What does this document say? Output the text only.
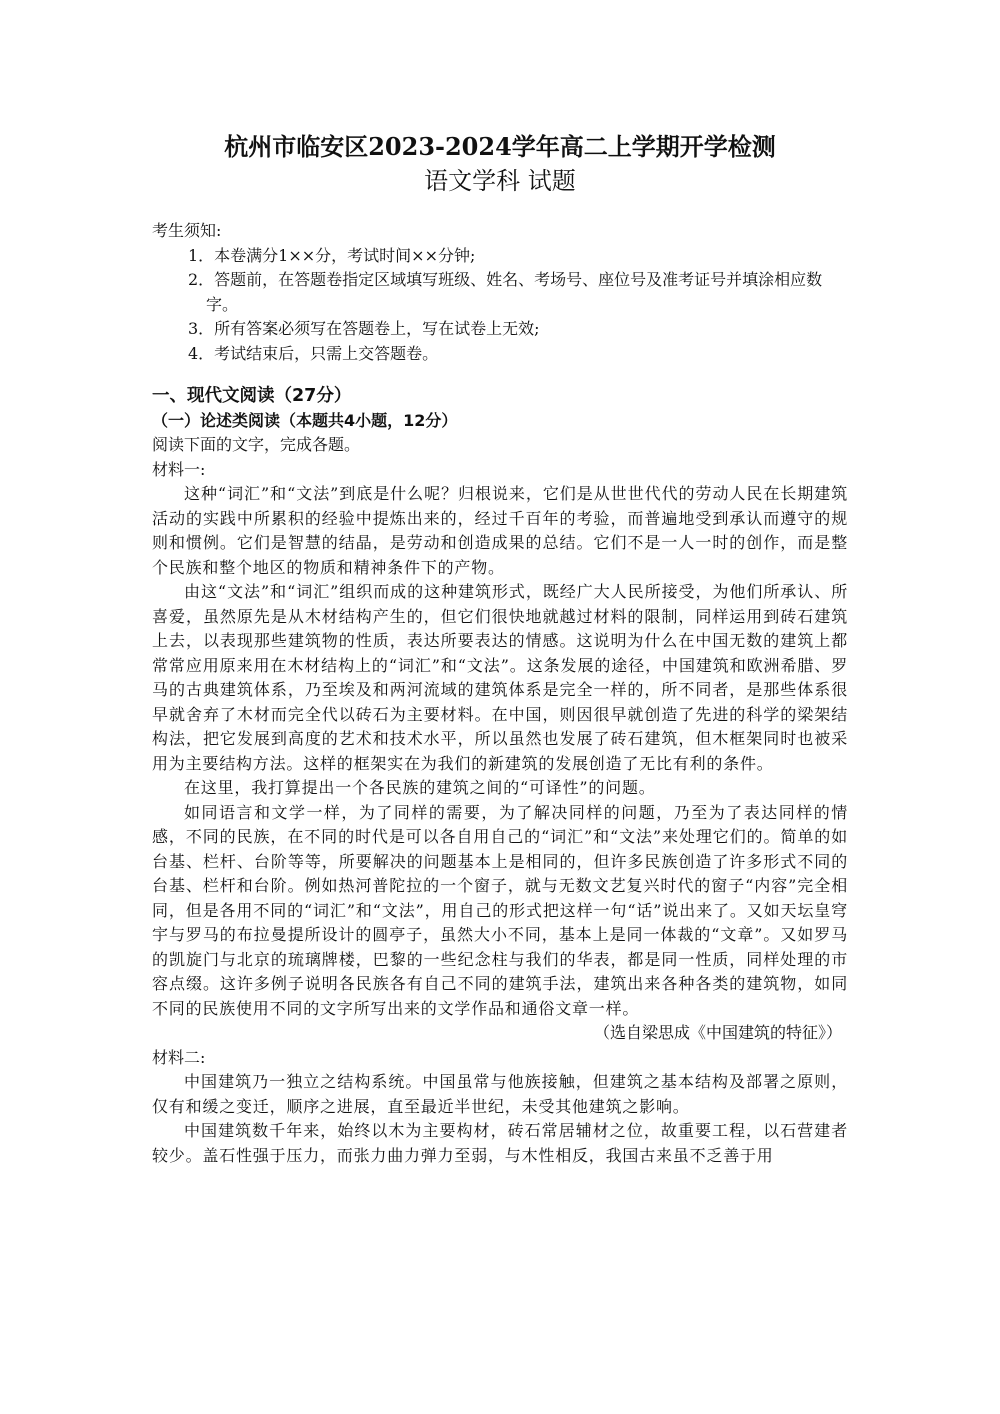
杭州市临安区2023-2024学年高二上学期开学检测
语文学科 试题
考生须知:
1．本卷满分1××分，考试时间××分钟;
2．答题前，在答题卷指定区域填写班级、姓名、考场号、座位号及准考证号并填涂相应数字。
3．所有答案必须写在答题卷上，写在试卷上无效;
4．考试结束后，只需上交答题卷。
一、现代文阅读（27分）
（一）论述类阅读（本题共4小题，12分）
阅读下面的文字，完成各题。
材料一:
这种“词汇”和“文法”到底是什么呢？归根说来，它们是从世世代代的劳动人民在长期建筑活动的实践中所累积的经验中提炼出来的，经过千百年的考验，而普遍地受到承认而遵守的规则和惯例。它们是智慧的结晶，是劳动和创造成果的总结。它们不是一人一时的创作，而是整个民族和整个地区的物质和精神条件下的产物。
由这“文法”和“词汇”组织而成的这种建筑形式，既经广大人民所接受，为他们所承认、所喜爱，虽然原先是从木材结构产生的，但它们很快地就越过材料的限制，同样运用到砖石建筑上去，以表现那些建筑物的性质，表达所要表达的情感。这说明为什么在中国无数的建筑上都常常应用原来用在木材结构上的“词汇”和“文法”。这条发展的途径，中国建筑和欧洲希腊、罗马的古典建筑体系，乃至埃及和两河流域的建筑体系是完全一样的，所不同者，是那些体系很早就舍弃了木材而完全代以砖石为主要材料。在中国，则因很早就创造了先进的科学的梁架结构法，把它发展到高度的艺术和技术水平，所以虽然也发展了砖石建筑，但木框架同时也被采用为主要结构方法。这样的框架实在为我们的新建筑的发展创造了无比有利的条件。
在这里，我打算提出一个各民族的建筑之间的“可译性”的问题。
如同语言和文学一样，为了同样的需要，为了解决同样的问题，乃至为了表达同样的情感，不同的民族，在不同的时代是可以各自用自己的“词汇”和“文法”来处理它们的。简单的如台基、栏杆、台阶等等，所要解决的问题基本上是相同的，但许多民族创造了许多形式不同的台基、栏杆和台阶。例如热河普陀拉的一个窗子，就与无数文艺复兴时代的窗子“内容”完全相同，但是各用不同的“词汇”和“文法”，用自己的形式把这样一句“话”说出来了。又如天坛皇穹宇与罗马的布拉曼提所设计的圆亭子，虽然大小不同，基本上是同一体裁的“文章”。又如罗马的凯旋门与北京的琉璃牌楼，巴黎的一些纪念柱与我们的华表，都是同一性质，同样处理的市容点缀。这许多例子说明各民族各有自己不同的建筑手法，建筑出来各种各类的建筑物，如同不同的民族使用不同的文字所写出来的文学作品和通俗文章一样。
（选自梁思成《中国建筑的特征》）
材料二:
中国建筑乃一独立之结构系统。中国虽常与他族接触，但建筑之基本结构及部署之原则，仅有和缓之变迁，顺序之进展，直至最近半世纪，未受其他建筑之影响。
中国建筑数千年来，始终以木为主要构材，砖石常居辅材之位，故重要工程，以石营建者较少。盖石性强于压力，而张力曲力弹力至弱，与木性相反，我国古来虽不乏善于用
